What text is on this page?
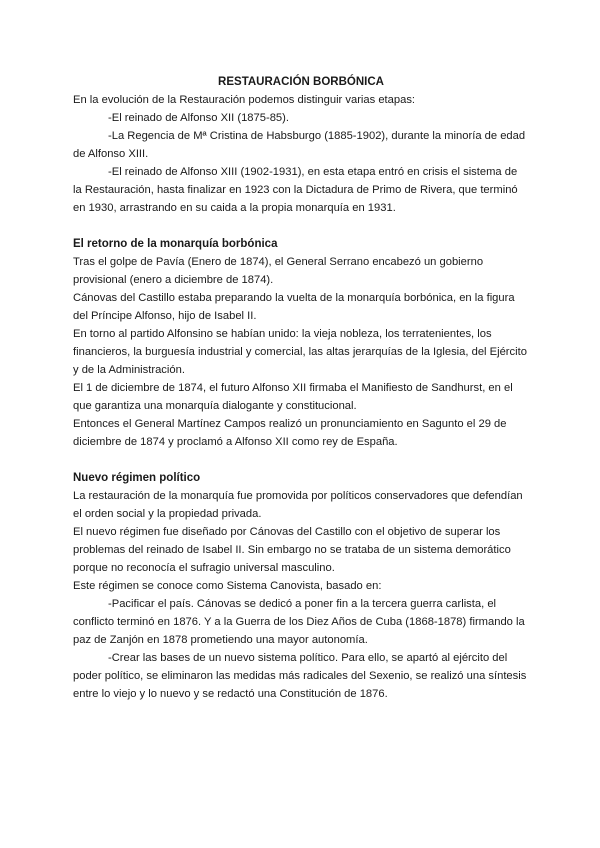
RESTAURACIÓN BORBÓNICA

En la evolución de la Restauración podemos distinguir varias etapas:

-El reinado de Alfonso XII (1875-85).

-La Regencia de Mª Cristina de Habsburgo (1885-1902), durante la minoría de edad de Alfonso XIII.

-El reinado de Alfonso XIII (1902-1931), en esta etapa entró en crisis el sistema de la Restauración, hasta finalizar en 1923 con la Dictadura de Primo de Rivera, que terminó en 1930, arrastrando en su caida a la propia monarquía en 1931.

El retorno de la monarquía borbónica

Tras el golpe de Pavía (Enero de 1874), el General Serrano encabezó un gobierno provisional (enero a diciembre de 1874).

Cánovas del Castillo estaba preparando la vuelta de la monarquía borbónica, en la figura del Príncipe Alfonso, hijo de Isabel II.

En torno al partido Alfonsino se habían unido: la vieja nobleza, los terratenientes, los financieros, la burguesía industrial y comercial, las altas jerarquías de la Iglesia, del Ejército y de la Administración.

El 1 de diciembre de 1874, el futuro Alfonso XII firmaba el Manifiesto de Sandhurst, en el que garantiza una monarquía dialogante y constitucional.

Entonces el General Martínez Campos realizó un pronunciamiento en Sagunto el 29 de diciembre de 1874 y proclamó a Alfonso XII como rey de España.

Nuevo régimen político

La restauración de la monarquía fue promovida por políticos conservadores que defendían el orden social y la propiedad privada.

El nuevo régimen fue diseñado por Cánovas del Castillo con el objetivo de superar los problemas del reinado de Isabel II. Sin embargo no se trataba de un sistema demorático porque no reconocía el sufragio universal masculino.

Este régimen se conoce como Sistema Canovista, basado en:

-Pacificar el país. Cánovas se dedicó a poner fin a la tercera guerra carlista, el conflicto terminó en 1876. Y a la Guerra de los Diez Años de Cuba (1868-1878) firmando la paz de Zanjón en 1878 prometiendo una mayor autonomía.

-Crear las bases de un nuevo sistema político. Para ello, se apartó al ejército del poder político, se eliminaron las medidas más radicales del Sexenio, se realizó una síntesis entre lo viejo y lo nuevo y se redactó una Constitución de 1876.
